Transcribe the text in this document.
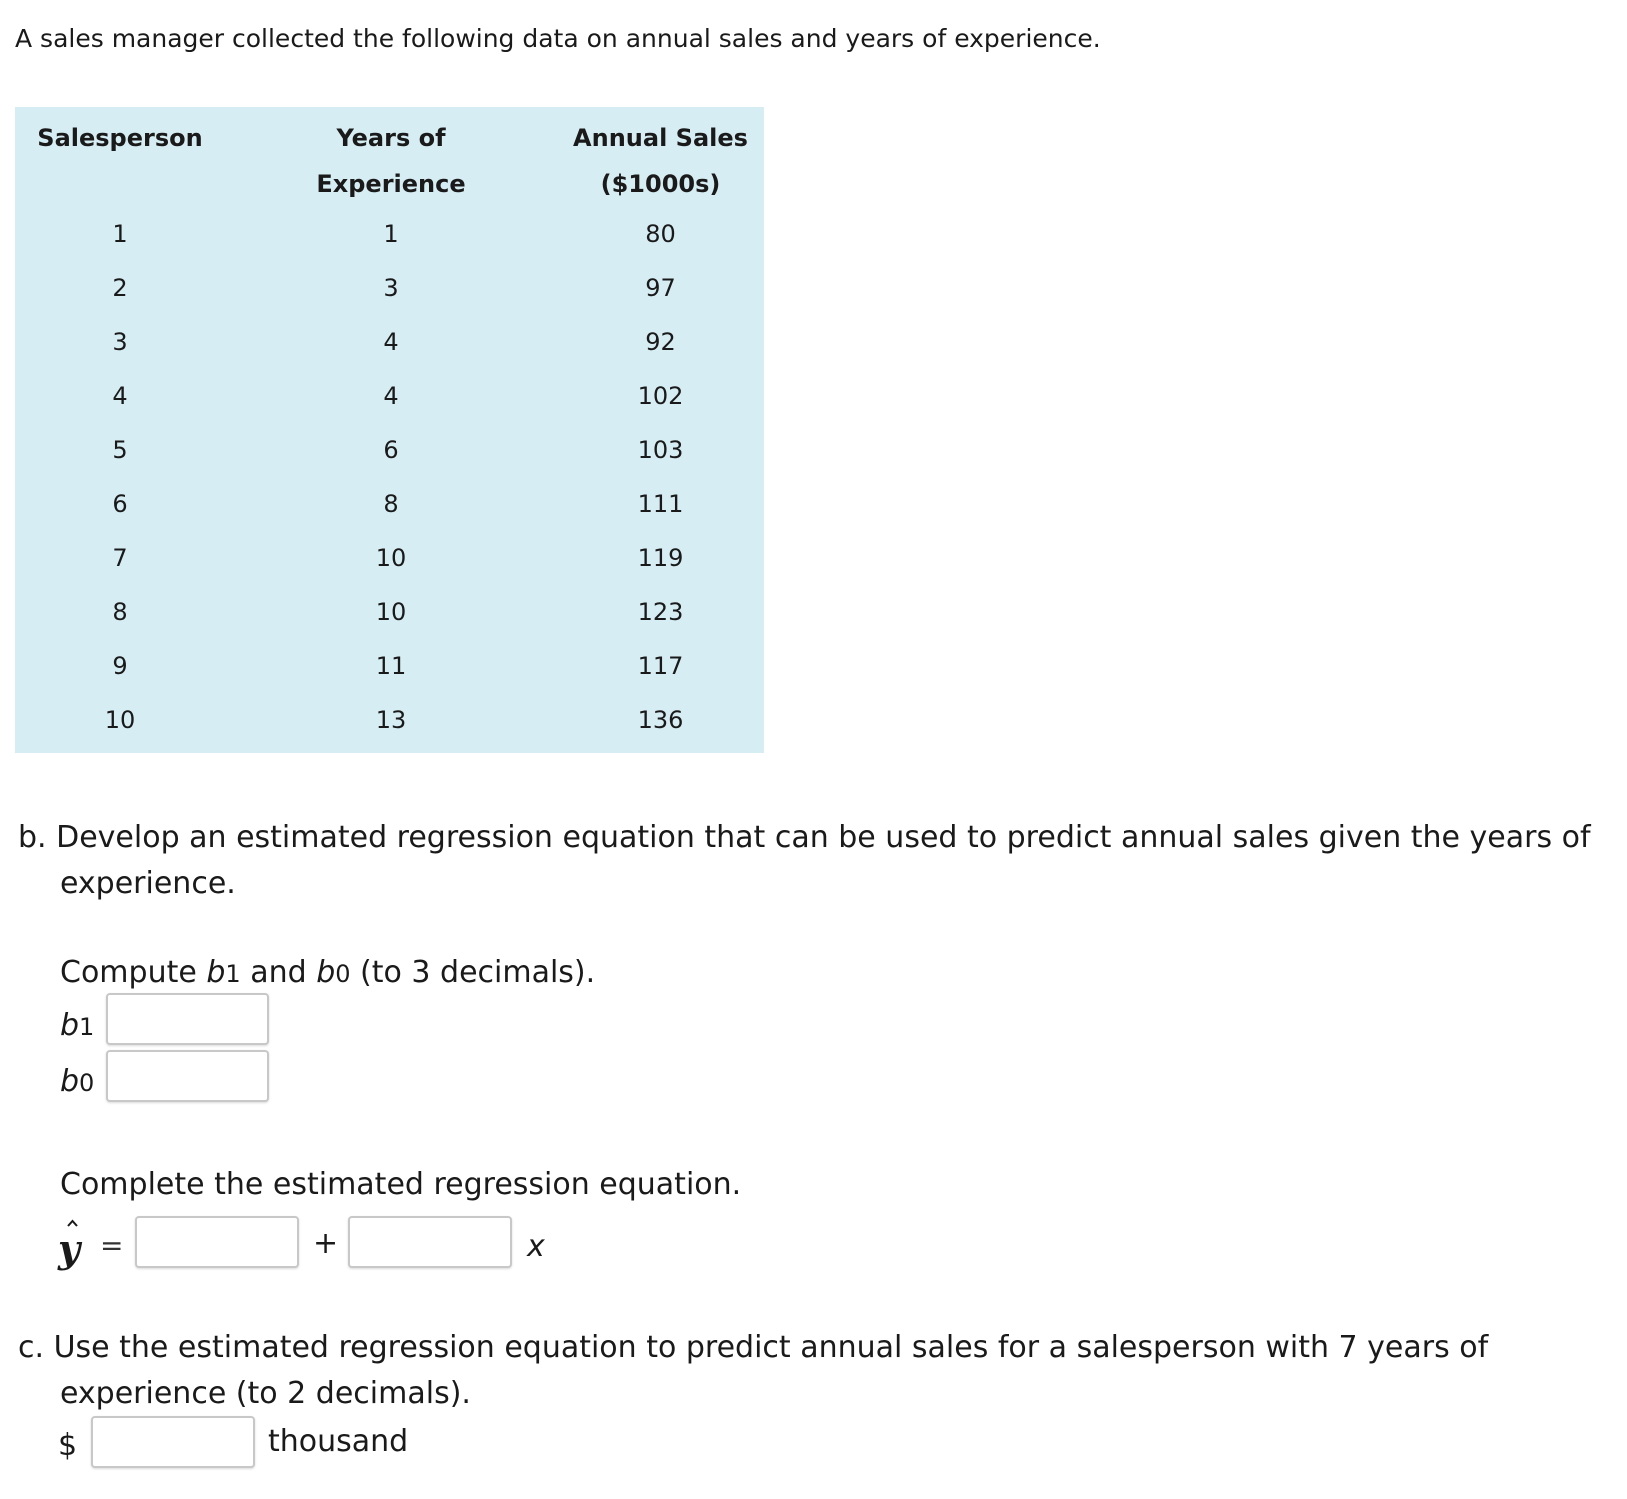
A sales manager collected the following data on annual sales and years of experience.

Salesperson	Years of	Annual Sales
	Experience	($1000s)
1	1	80
2	3	97
3	4	92
4	4	102
5	6	103
6	8	111
7	10	119
8	10	123
9	11	117
10	13	136

b. Develop an estimated regression equation that can be used to predict annual sales given the years of experience.

Compute b1 and b0 (to 3 decimals).

b1
b0

Complete the estimated regression equation.

y =	+	x

c. Use the estimated regression equation to predict annual sales for a salesperson with 7 years of experience (to 2 decimals).

$	thousand
